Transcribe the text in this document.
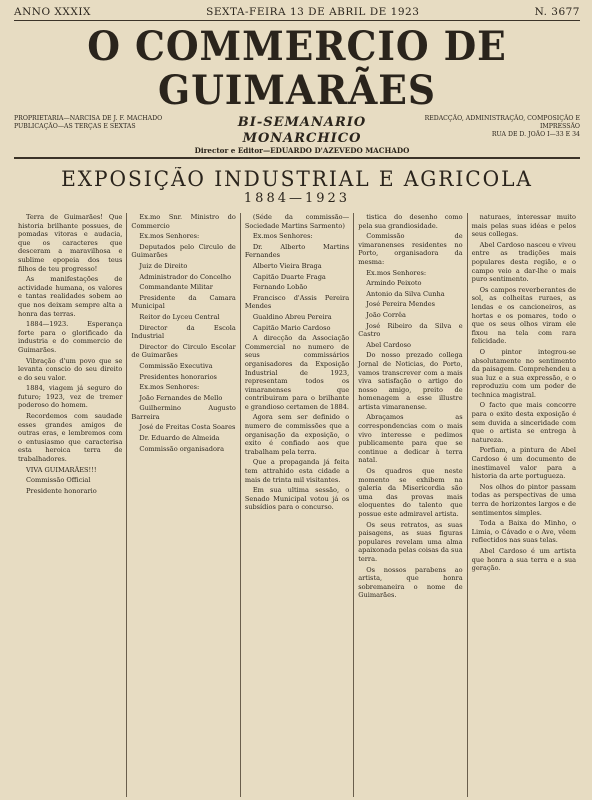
ANNO XXXIX	SEXTA-FEIRA 13 DE ABRIL DE 1923	N. 3677
O COMMERCIO DE GUIMARÃES
PROPRIETARIA—NARCISA DE J. F. MACHADO
PUBLICAÇÃO—AS TERÇAS E SEXTAS	BI-SEMANARIO MONARCHICO
Director e Editor—EDUARDO D'AZEVEDO MACHADO
REDACÇÃO, ADMINISTRAÇÃO, COMPOSIÇÃO E IMPRESSÃO
RUA DE D. JOÃO I—33 E 34
EXPOSIÇÃO INDUSTRIAL E AGRICOLA
1884—1923

Terra de Guimarães! Que historia brilhante possues, de pomadas vitoras e audacia, que os caracteres que desceram a maravilhosa e sublime epopeia dos teus filhos de teu progresso!

As manifestações de actividade humana, os valores e tantas realidades sobem ao que nos deixam sempre alta a honra das terras.

1884—1923. Esperança forte para o glorificado da industria e do commercio de Guimarães.

Vibração d'um povo que se levanta conscio do seu direito e do seu valor.

1884, viagem já seguro do futuro; 1923, vez de tremer poderoso do homem.

Recordemos com saudade esses grandes amigos de outras eras, e lembremos com o entusiasmo que caracterisa esta heroica terra de trabalhadores.

VIVA GUIMARÃES!!!

Commissão Official

Presidente honorario

Ex.mo Snr. Ministro do Commercio

Ex.mos Senhores:

Deputados pelo Circulo de Guimarães

Juiz de Direito

Administrador do Concelho

Commandante Militar

Presidente da Camara Municipal

Reitor do Lyceu Central

Director da Escola Industrial

Director do Circulo Escolar de Guimarães

Commissão Executiva

Presidentes honorarios

Ex.mos Senhores:

João Fernandes de Mello

Guilhermino Augusto Barreira

José de Freitas Costa Soares

Dr. Eduardo de Almeida

Commissão organisadora

(Séde da commissão—Sociedade Martins Sarmento)

Ex.mos Senhores:

Dr. Alberto Martins Fernandes

Alberto Vieira Braga

Capitão Duarte Fraga

Fernando Lobão

Francisco d'Assis Pereira Mendes

Gualdino Abreu Pereira

Capitão Mario Cardoso

A direcção da Associação Commercial no numero de seus commissários organisadores da Exposição Industrial de 1923, representam todos os vimaranenses que contribuiram para o brilhante e grandioso certamen de 1884.

Agora sem ser definido o numero de commissões que a organisação da exposição, o exito é confiado aos que trabalham pela terra.

Que a propaganda já feita tem attrahido esta cidade a mais de trinta mil visitantes.

Em sua ultima sessão, o Senado Municipal votou já os subsídios para o concurso.

tistica do desenho como pela sua grandiosidade.

Commissão de vimaranenses residentes no Porto, organisadora da mesma:

Ex.mos Senhores:

Armindo Peixoto

Antonio da Silva Cunha

José Pereira Mendes

João Corrêa

José Ribeiro da Silva e Castro

Abel Cardoso

Do nosso prezado collega Jornal de Noticias, do Porto, vamos transcrever com a mais viva satisfação o artigo do nosso amigo, preito de homenagem a esse illustre artista vimaranense.

Abraçamos as correspondencias com o mais vivo interesse e pedimos publicamente para que se continue a dedicar à terra natal.

Os quadros que neste momento se exhibem na galeria da Misericordia são uma das provas mais eloquentes do talento que possue este admiravel artista.

Os seus retratos, as suas paisagens, as suas figuras populares revelam uma alma apaixonada pelas coisas da sua terra.

Os nossos parabens ao artista, que honra sobremaneira o nome de Guimarães.

naturaes, interessar muito mais pelas suas idéas e pelos seus collegas.

Abel Cardoso nasceu e viveu entre as tradições mais populares desta região, e o campo veio a dar-lhe o mais puro sentimento.

Os campos reverberantes de sol, as colheitas ruraes, as lendas e os cancioneiros, as hortas e os pomares, todo o que os seus olhos viram ele fixou na tela com rara felicidade.

O pintor integrou-se absolutamente no sentimento da paisagem. Comprehendeu a sua luz e a sua expressão, e o reproduziu com um poder de technica magistral.

O facto que mais concorre para o exito desta exposição é sem duvida a sinceridade com que o artista se entrega à natureza.

Porfiam, a pintura de Abel Cardoso é um documento de inestimavel valor para a historia da arte portugueza.

Nos olhos do pintor passam todas as perspectivas de uma terra de horizontes largos e de sentimentos simples.

Toda a Baixa do Minho, o Limia, o Cávado e o Ave, vêem reflectidos nas suas telas.

Abel Cardoso é um artista que honra a sua terra e a sua geração.
